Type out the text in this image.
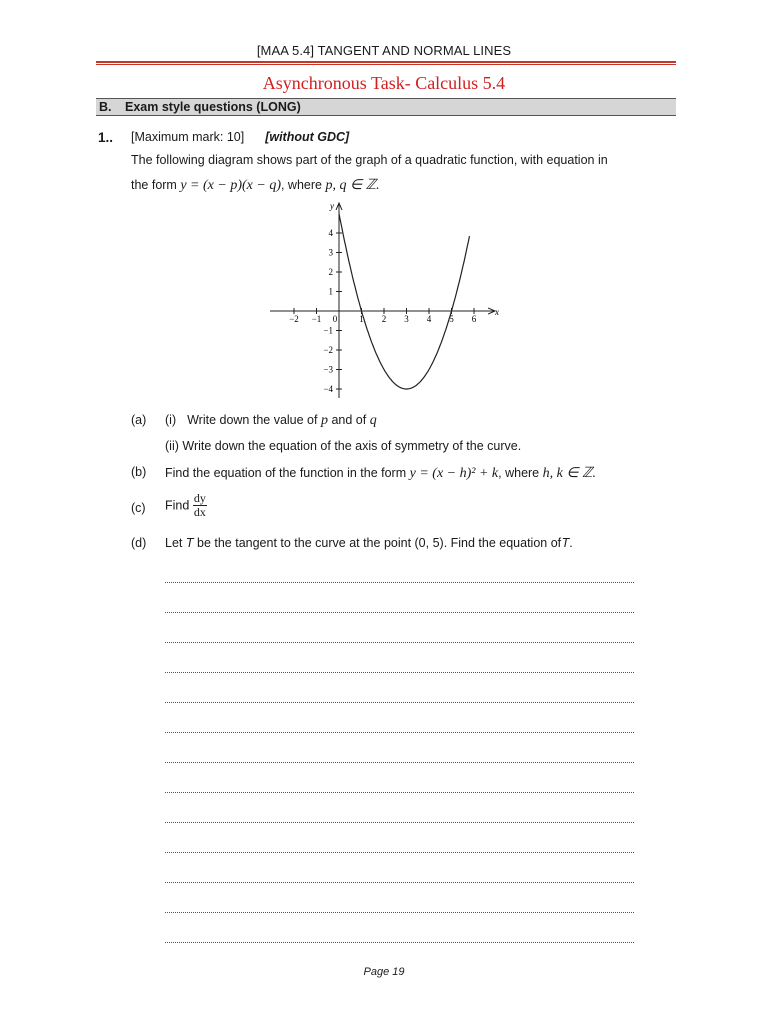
[MAA 5.4] TANGENT AND NORMAL LINES
Asynchronous Task- Calculus 5.4
B. Exam style questions (LONG)
1.. [Maximum mark: 10] [without GDC]
The following diagram shows part of the graph of a quadratic function, with equation in
the form y = (x − p)(x − q), where p, q ∈ ℤ.
−2 −1 0 1 2 3 4 5 6
4
3
2
1
−1
−2
−3
−4
x
y
(a) (i) Write down the value of p and of q
(ii) Write down the equation of the axis of symmetry of the curve.
(b) Find the equation of the function in the form y = (x − h)² + k, where h, k ∈ ℤ.
(c) Find $\frac{dy}{dx}$
(d) Let T be the tangent to the curve at the point (0, 5). Find the equation of T.
Page 19
